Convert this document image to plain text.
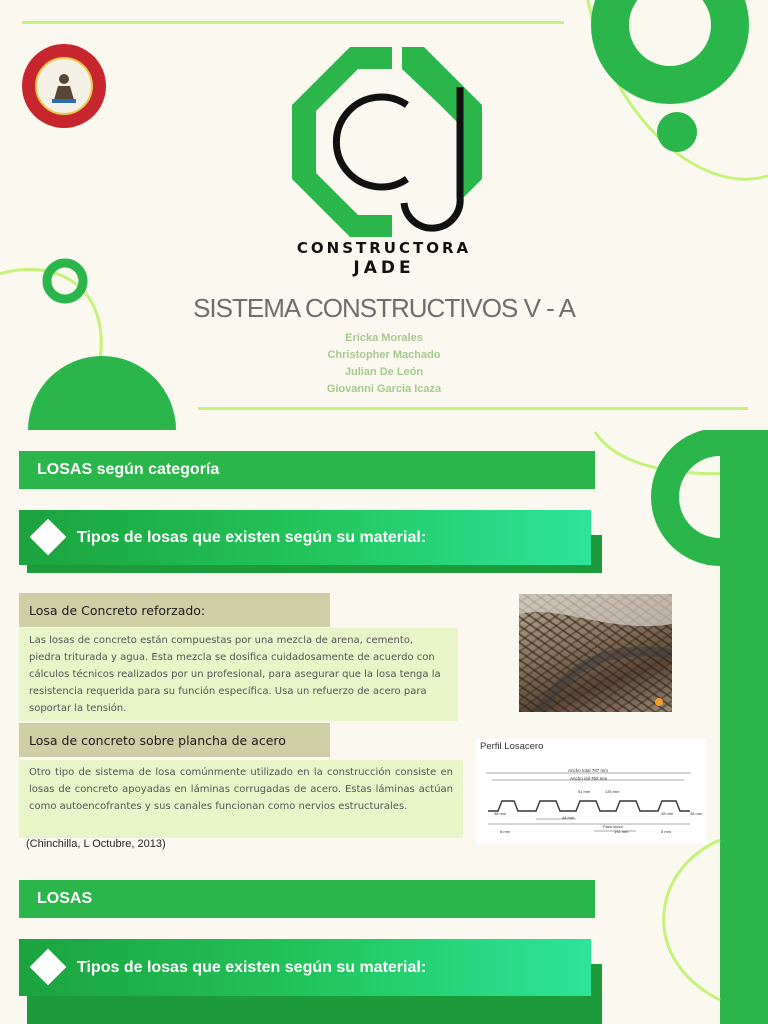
CONSTRUCTORA
JADE
SISTEMA CONSTRUCTIVOS V - A
Ericka Morales
Christopher Machado
Julian De León
Giovanni Garcia Icaza
LOSAS según categoría
Tipos de losas que existen según su material:
Losa de Concreto reforzado:
Las losas de concreto están compuestas por una mezcla de arena, cemento, piedra triturada y agua. Esta mezcla se dosifica cuidadosamente de acuerdo con cálculos técnicos realizados por un profesional, para asegurar que la losa tenga la resistencia requerida para su función específica. Usa un refuerzo de acero para soportar la tensión.
Losa de concreto sobre plancha de acero
Otro tipo de sistema de losa comúnmente utilizado en la construcción consiste en losas de concreto apoyadas en láminas corrugadas de acero. Estas láminas actúan como autoencofrantes y sus canales funcionan como nervios estructurales.
(Chinchilla, L Octubre, 2013)
Perfil Losacero
Ancho total 787 mm
Ancho útil 762 mm
51 mm	135 mm
38 mm	38 mm
44 mm
Paso típico
191 mm
8 mm	8 mm
38 mm
LOSAS
Tipos de losas que existen según su material:
